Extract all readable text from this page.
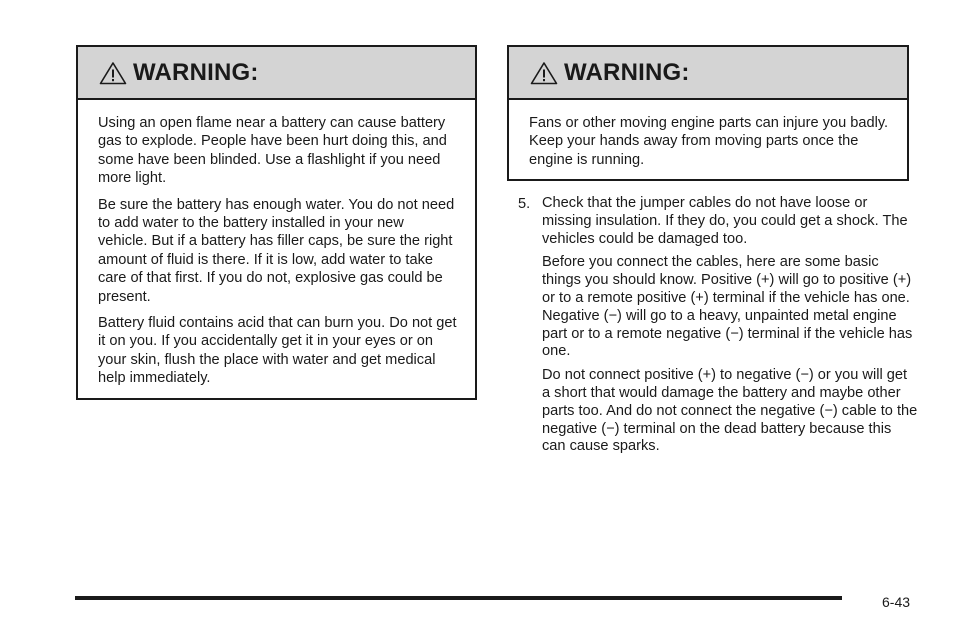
WARNING:

Using an open flame near a battery can cause battery gas to explode. People have been hurt doing this, and some have been blinded. Use a flashlight if you need more light.

Be sure the battery has enough water. You do not need to add water to the battery installed in your new vehicle. But if a battery has filler caps, be sure the right amount of fluid is there. If it is low, add water to take care of that first. If you do not, explosive gas could be present.

Battery fluid contains acid that can burn you. Do not get it on you. If you accidentally get it in your eyes or on your skin, flush the place with water and get medical help immediately.

WARNING:

Fans or other moving engine parts can injure you badly. Keep your hands away from moving parts once the engine is running.

5. Check that the jumper cables do not have loose or missing insulation. If they do, you could get a shock. The vehicles could be damaged too.

Before you connect the cables, here are some basic things you should know. Positive (+) will go to positive (+) or to a remote positive (+) terminal if the vehicle has one. Negative (−) will go to a heavy, unpainted metal engine part or to a remote negative (−) terminal if the vehicle has one.

Do not connect positive (+) to negative (−) or you will get a short that would damage the battery and maybe other parts too. And do not connect the negative (−) cable to the negative (−) terminal on the dead battery because this can cause sparks.

6-43
